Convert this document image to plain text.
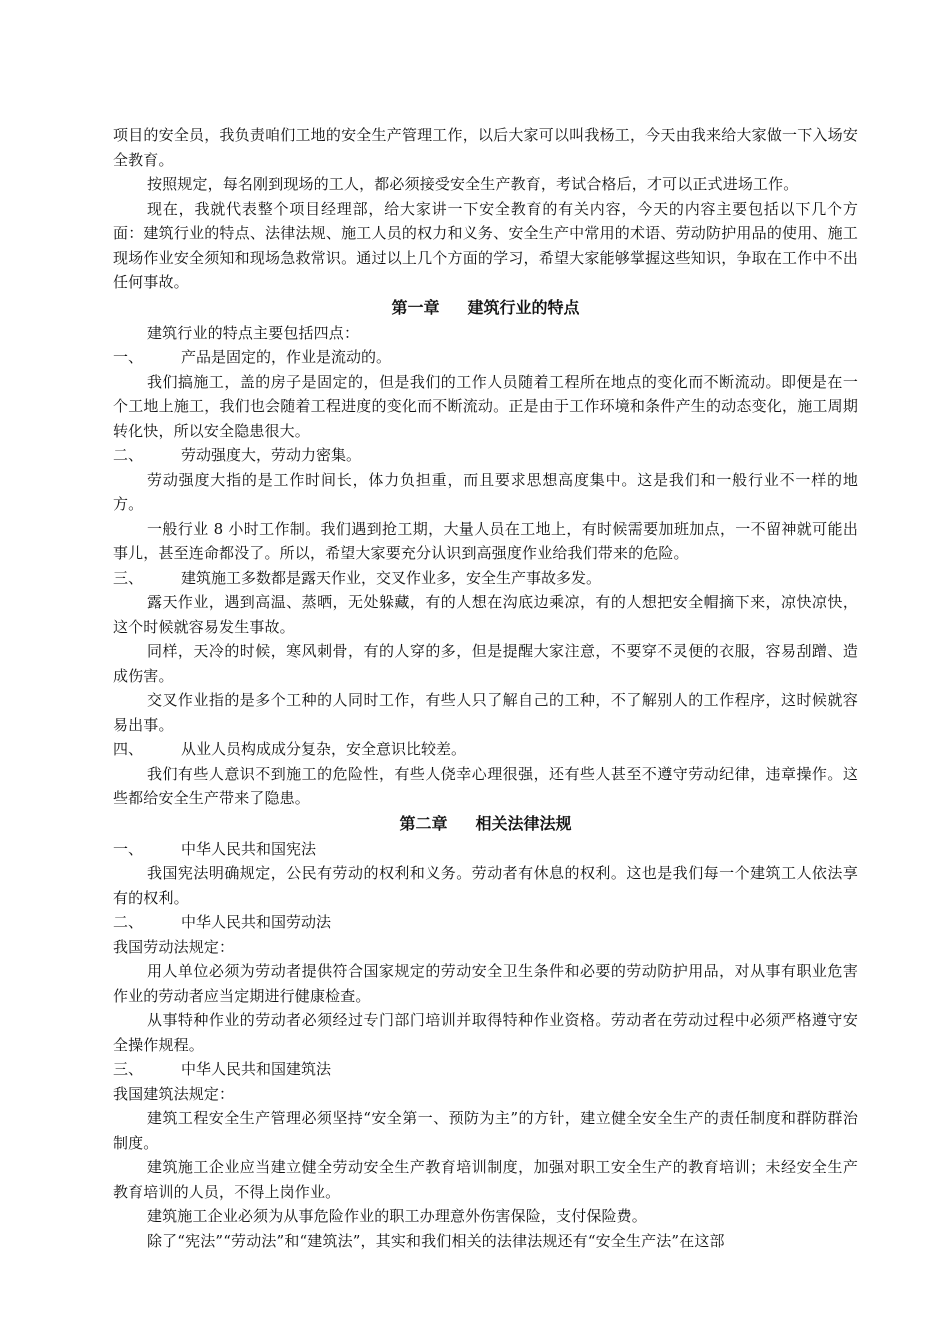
项目的安全员，我负责咱们工地的安全生产管理工作，以后大家可以叫我杨工，今天由我来给大家做一下入场安全教育。

按照规定，每名刚到现场的工人，都必须接受安全生产教育，考试合格后，才可以正式进场工作。

现在，我就代表整个项目经理部，给大家讲一下安全教育的有关内容，今天的内容主要包括以下几个方面：建筑行业的特点、法律法规、施工人员的权力和义务、安全生产中常用的术语、劳动防护用品的使用、施工现场作业安全须知和现场急救常识。通过以上几个方面的学习，希望大家能够掌握这些知识，争取在工作中不出任何事故。

第一章 建筑行业的特点

建筑行业的特点主要包括四点：

一、	产品是固定的，作业是流动的。

我们搞施工，盖的房子是固定的，但是我们的工作人员随着工程所在地点的变化而不断流动。即便是在一个工地上施工，我们也会随着工程进度的变化而不断流动。正是由于工作环境和条件产生的动态变化，施工周期转化快，所以安全隐患很大。

二、	劳动强度大，劳动力密集。

劳动强度大指的是工作时间长，体力负担重，而且要求思想高度集中。这是我们和一般行业不一样的地方。

一般行业 8 小时工作制。我们遇到抢工期，大量人员在工地上，有时候需要加班加点，一不留神就可能出事儿，甚至连命都没了。所以，希望大家要充分认识到高强度作业给我们带来的危险。

三、	建筑施工多数都是露天作业，交叉作业多，安全生产事故多发。

露天作业，遇到高温、蒸晒，无处躲藏，有的人想在沟底边乘凉，有的人想把安全帽摘下来，凉快凉快，这个时候就容易发生事故。

同样，天冷的时候，寒风刺骨，有的人穿的多，但是提醒大家注意，不要穿不灵便的衣服，容易刮蹭、造成伤害。

交叉作业指的是多个工种的人同时工作，有些人只了解自己的工种，不了解别人的工作程序，这时候就容易出事。

四、	从业人员构成成分复杂，安全意识比较差。

我们有些人意识不到施工的危险性，有些人侥幸心理很强，还有些人甚至不遵守劳动纪律，违章操作。这些都给安全生产带来了隐患。

第二章 相关法律法规
一、	中华人民共和国宪法

我国宪法明确规定，公民有劳动的权利和义务。劳动者有休息的权利。这也是我们每一个建筑工人依法享有的权利。

二、	中华人民共和国劳动法

我国劳动法规定：

用人单位必须为劳动者提供符合国家规定的劳动安全卫生条件和必要的劳动防护用品，对从事有职业危害作业的劳动者应当定期进行健康检查。

从事特种作业的劳动者必须经过专门部门培训并取得特种作业资格。劳动者在劳动过程中必须严格遵守安全操作规程。

三、	中华人民共和国建筑法

我国建筑法规定：

建筑工程安全生产管理必须坚持“安全第一、预防为主”的方针，建立健全安全生产的责任制度和群防群治制度。

建筑施工企业应当建立健全劳动安全生产教育培训制度，加强对职工安全生产的教育培训；未经安全生产教育培训的人员，不得上岗作业。

建筑施工企业必须为从事危险作业的职工办理意外伤害保险，支付保险费。

除了“宪法”“劳动法”和“建筑法”，其实和我们相关的法律法规还有“安全生产法”在这部
